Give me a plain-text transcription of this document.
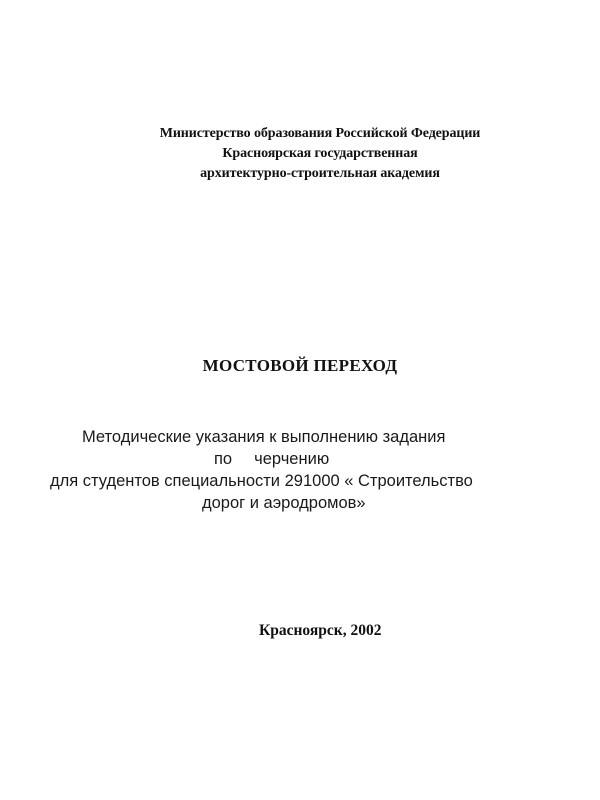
Министерство образования Российской Федерации
Красноярская государственная
архитектурно-строительная академия
МОСТОВОЙ ПЕРЕХОД
Методические указания к выполнению задания
по черчению
для студентов специальности 291000 « Строительство
дорог и аэродромов»
Красноярск, 2002
